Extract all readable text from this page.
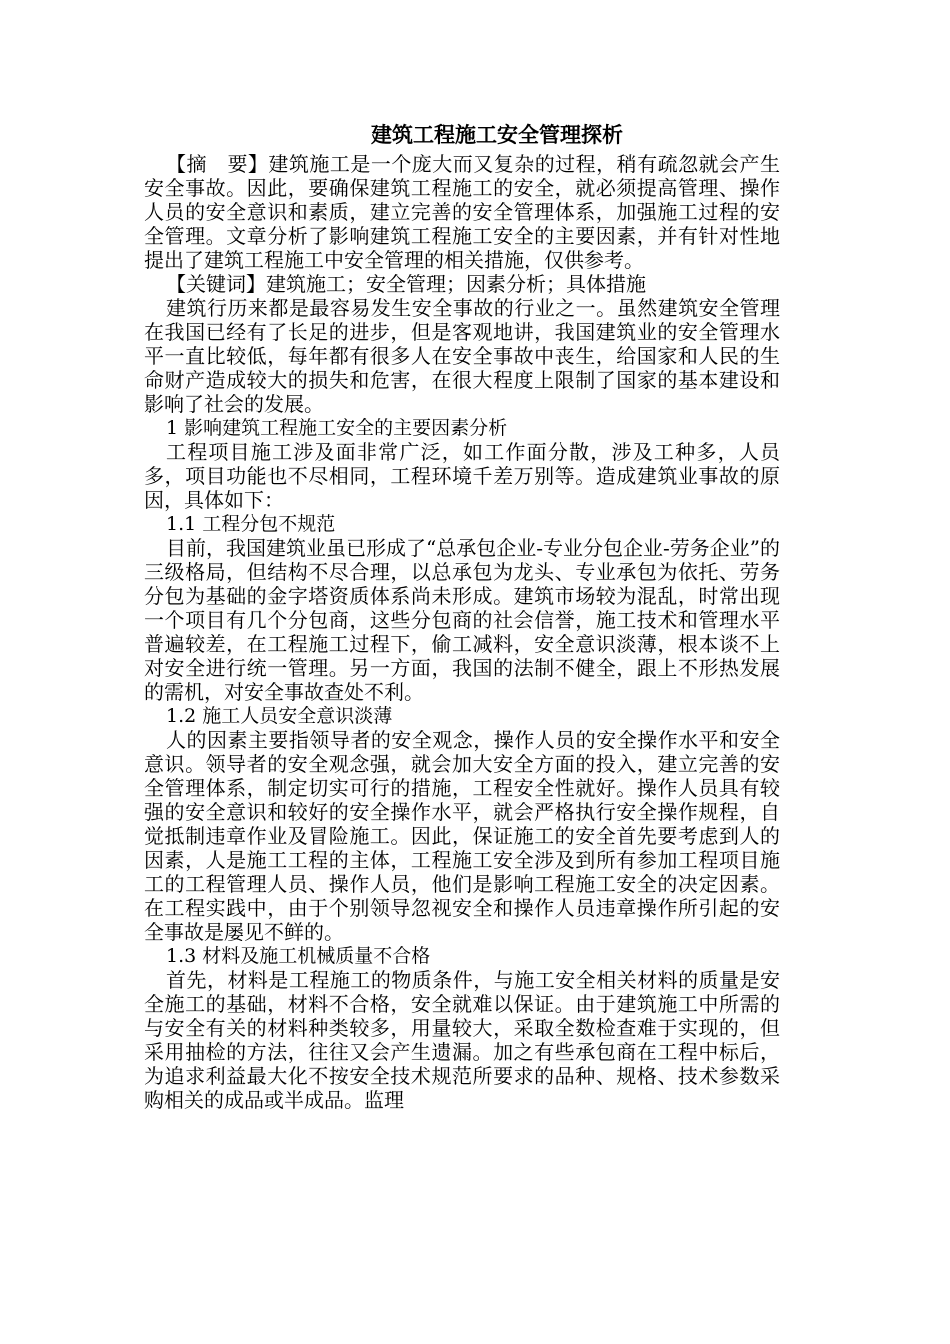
建筑工程施工安全管理探析

【摘　要】建筑施工是一个庞大而又复杂的过程，稍有疏忽就会产生安全事故。因此，要确保建筑工程施工的安全，就必须提高管理、操作人员的安全意识和素质，建立完善的安全管理体系，加强施工过程的安全管理。文章分析了影响建筑工程施工安全的主要因素，并有针对性地提出了建筑工程施工中安全管理的相关措施，仅供参考。

【关键词】建筑施工；安全管理；因素分析；具体措施

建筑行历来都是最容易发生安全事故的行业之一。虽然建筑安全管理在我国已经有了长足的进步，但是客观地讲，我国建筑业的安全管理水平一直比较低，每年都有很多人在安全事故中丧生，给国家和人民的生命财产造成较大的损失和危害，在很大程度上限制了国家的基本建设和影响了社会的发展。

1 影响建筑工程施工安全的主要因素分析

工程项目施工涉及面非常广泛，如工作面分散，涉及工种多，人员多，项目功能也不尽相同，工程环境千差万别等。造成建筑业事故的原因，具体如下：

1.1 工程分包不规范

目前，我国建筑业虽已形成了“总承包企业-专业分包企业-劳务企业”的三级格局，但结构不尽合理，以总承包为龙头、专业承包为依托、劳务分包为基础的金字塔资质体系尚未形成。建筑市场较为混乱，时常出现一个项目有几个分包商，这些分包商的社会信誉，施工技术和管理水平普遍较差，在工程施工过程下，偷工减料，安全意识淡薄，根本谈不上对安全进行统一管理。另一方面，我国的法制不健全，跟上不形热发展的需机，对安全事故查处不利。

1.2 施工人员安全意识淡薄

人的因素主要指领导者的安全观念，操作人员的安全操作水平和安全意识。领导者的安全观念强，就会加大安全方面的投入，建立完善的安全管理体系，制定切实可行的措施，工程安全性就好。操作人员具有较强的安全意识和较好的安全操作水平，就会严格执行安全操作规程，自觉抵制违章作业及冒险施工。因此，保证施工的安全首先要考虑到人的因素，人是施工工程的主体，工程施工安全涉及到所有参加工程项目施工的工程管理人员、操作人员，他们是影响工程施工安全的决定因素。在工程实践中，由于个别领导忽视安全和操作人员违章操作所引起的安全事故是屡见不鲜的。

1.3 材料及施工机械质量不合格

首先，材料是工程施工的物质条件，与施工安全相关材料的质量是安全施工的基础，材料不合格，安全就难以保证。由于建筑施工中所需的与安全有关的材料种类较多，用量较大，采取全数检查难于实现的，但采用抽检的方法，往往又会产生遗漏。加之有些承包商在工程中标后，为追求利益最大化不按安全技术规范所要求的品种、规格、技术参数采购相关的成品或半成品。监理
